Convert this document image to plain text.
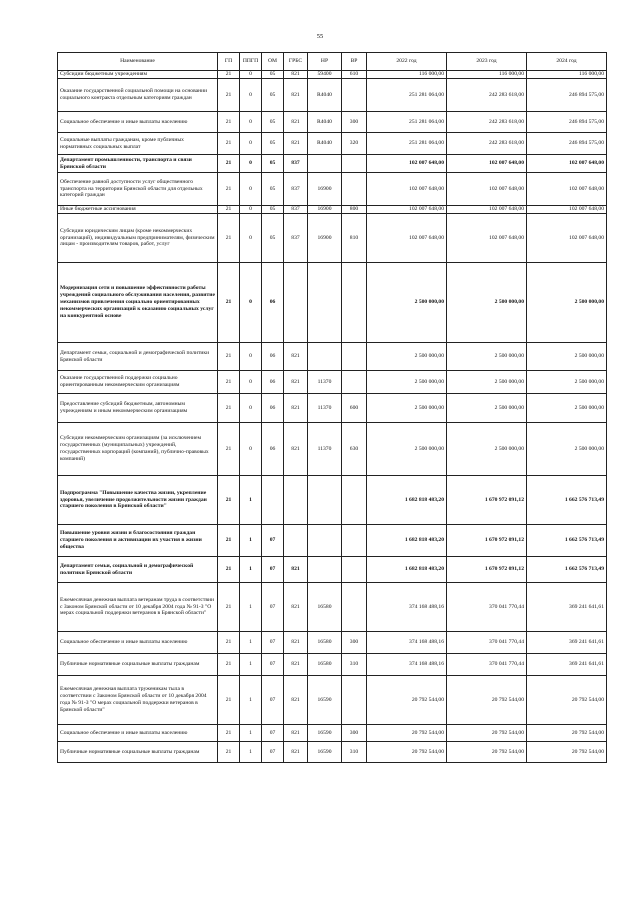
55
Наименование	ГП	ППГП	ОМ	ГРБС	НР	ВР	2022 год	2023 год	2024 год
Субсидии бюджетным учреждениям	21	0	05	821	59400	610	116 000,00	116 000,00	116 000,00
Оказание государственной социальной помощи на основании социального контракта отдельным категориям граждан	21	0	05	821	R4040		251 281 064,00	242 283 618,00	246 894 575,00
Социальное обеспечение и иные выплаты населению	21	0	05	821	R4040	300	251 281 064,00	242 283 618,00	246 894 575,00
Социальные выплаты гражданам, кроме публичных нормативных социальных выплат	21	0	05	821	R4040	320	251 281 064,00	242 283 618,00	246 894 575,00
Департамент промышленности, транспорта и связи Брянской области	21	0	05	837			102 007 648,00	102 007 648,00	102 007 648,00
Обеспечение равной доступности услуг общественного транспорта на территории Брянской области для отдельных категорий граждан	21	0	05	837	16900		102 007 648,00	102 007 648,00	102 007 648,00
Иные бюджетные ассигнования	21	0	05	837	16900	800	102 007 648,00	102 007 648,00	102 007 648,00
Субсидии юридическим лицам (кроме некоммерческих организаций), индивидуальным предпринимателям, физическим лицам - производителям товаров, работ, услуг	21	0	05	837	16900	810	102 007 648,00	102 007 648,00	102 007 648,00
Модернизация сети и повышение эффективности работы учреждений социального обслуживания населения, развитие механизмов привлечения социально ориентированных некоммерческих организаций к оказанию социальных услуг на конкурентной основе	21	0	06				2 500 000,00	2 500 000,00	2 500 000,00
Департамент семьи, социальной и демографической политики Брянской области	21	0	06	821			2 500 000,00	2 500 000,00	2 500 000,00
Оказание государственной поддержки социально ориентированным некоммерческим организациям	21	0	06	821	11370		2 500 000,00	2 500 000,00	2 500 000,00
Предоставление субсидий бюджетным, автономным учреждениям и иным некоммерческим организациям	21	0	06	821	11370	600	2 500 000,00	2 500 000,00	2 500 000,00
Субсидии некоммерческим организациям (за исключением государственных (муниципальных) учреждений, государственных корпораций (компаний), публично-правовых компаний)	21	0	06	821	11370	630	2 500 000,00	2 500 000,00	2 500 000,00
Подпрограмма "Повышение качества жизни, укрепление здоровья, увеличение продолжительности жизни граждан старшего поколения в Брянской области"	21	1					1 682 818 483,20	1 670 972 091,12	1 662 576 713,49
Повышение уровня жизни и благосостояния граждан старшего поколения и активизации их участия в жизни общества	21	1	07				1 682 818 483,20	1 670 972 091,12	1 662 576 713,49
Департамент семьи, социальной и демографической политики Брянской области	21	1	07	821			1 682 818 483,20	1 670 972 091,12	1 662 576 713,49
Ежемесячная денежная выплата ветеранам труда в соответствии с Законом Брянской области от 10 декабря 2004 года № 91-З "О мерах социальной поддержки ветеранов в Брянской области"	21	1	07	821	16580		374 168 488,16	370 041 770,44	369 241 641,61
Социальное обеспечение и иные выплаты населению	21	1	07	821	16580	300	374 168 488,16	370 041 770,44	369 241 641,61
Публичные нормативные социальные выплаты гражданам	21	1	07	821	16580	310	374 168 488,16	370 041 770,44	369 241 641,61
Ежемесячная денежная выплата труженикам тыла в соответствии с Законом Брянской области от 10 декабря 2004 года № 91-З "О мерах социальной поддержки ветеранов в Брянской области"	21	1	07	821	16590		20 792 544,00	20 792 544,00	20 792 544,00
Социальное обеспечение и иные выплаты населению	21	1	07	821	16590	300	20 792 544,00	20 792 544,00	20 792 544,00
Публичные нормативные социальные выплаты гражданам	21	1	07	821	16590	310	20 792 544,00	20 792 544,00	20 792 544,00
